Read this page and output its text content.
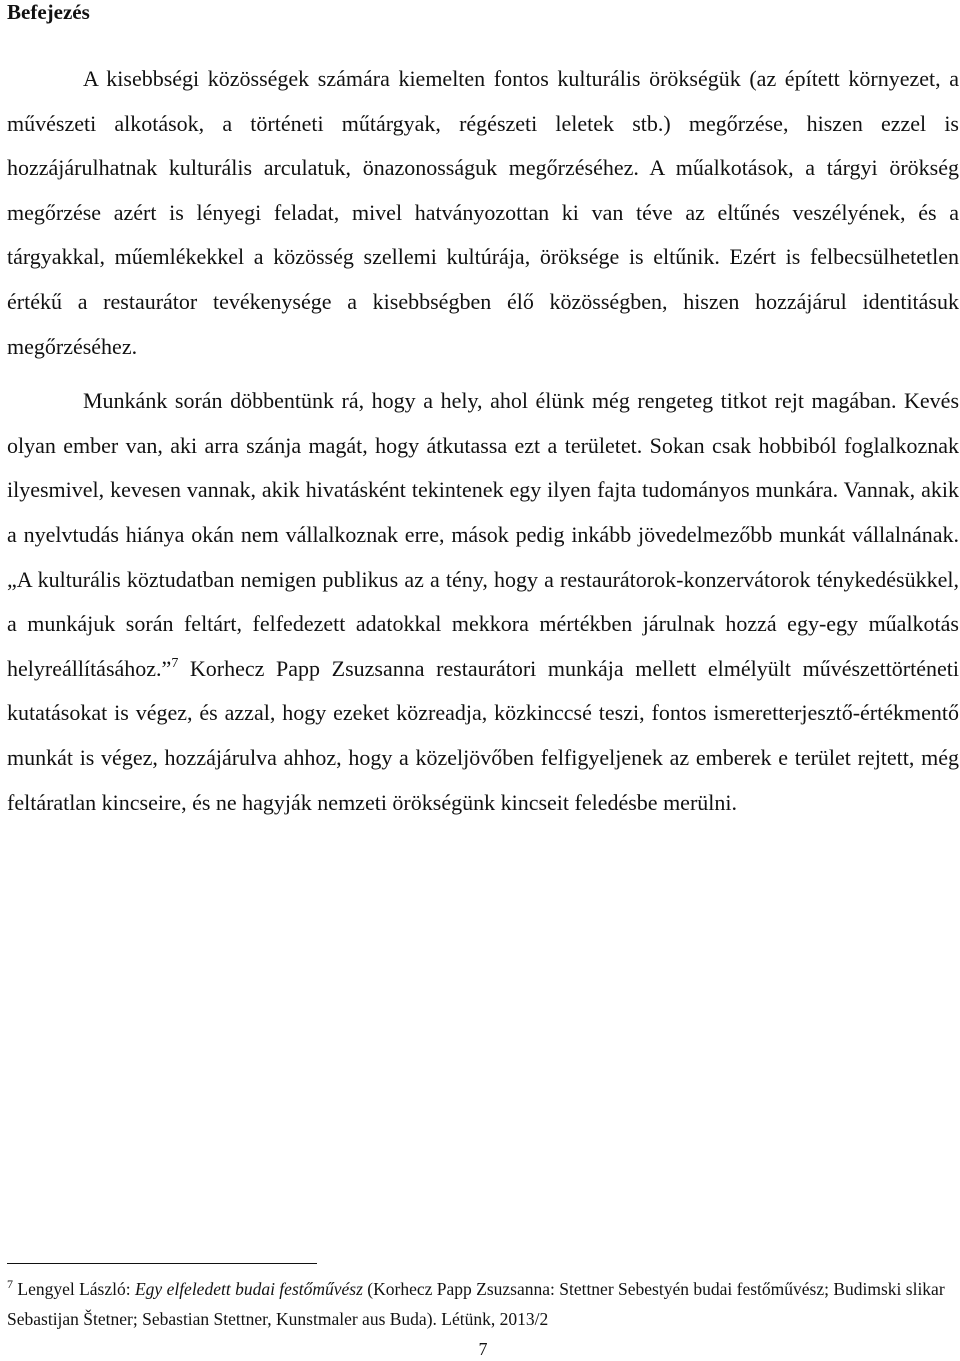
Befejezés

A kisebbségi közösségek számára kiemelten fontos kulturális örökségük (az épített környezet, a művészeti alkotások, a történeti műtárgyak, régészeti leletek stb.) megőrzése, hiszen ezzel is hozzájárulhatnak kulturális arculatuk, önazonosságuk megőrzéséhez. A műalkotások, a tárgyi örökség megőrzése azért is lényegi feladat, mivel hatványozottan ki van téve az eltűnés veszélyének, és a tárgyakkal, műemlékekkel a közösség szellemi kultúrája, öröksége is eltűnik. Ezért is felbecsülhetetlen értékű a restaurátor tevékenysége a kisebbségben élő közösségben, hiszen hozzájárul identitásuk megőrzéséhez.

Munkánk során döbbentünk rá, hogy a hely, ahol élünk még rengeteg titkot rejt magában. Kevés olyan ember van, aki arra szánja magát, hogy átkutassa ezt a területet. Sokan csak hobbiból foglalkoznak ilyesmivel, kevesen vannak, akik hivatásként tekintenek egy ilyen fajta tudományos munkára. Vannak, akik a nyelvtudás hiánya okán nem vállalkoznak erre, mások pedig inkább jövedelmezőbb munkát vállalnának. „A kulturális köztudatban nemigen publikus az a tény, hogy a restaurátorok-konzervátorok ténykedésükkel, a munkájuk során feltárt, felfedezett adatokkal mekkora mértékben járulnak hozzá egy-egy műalkotás helyreállításához.”$^7$ Korhecz Papp Zsuzsanna restaurátori munkája mellett elmélyült művészettörténeti kutatásokat is végez, és azzal, hogy ezeket közreadja, közkinccsé teszi, fontos ismeretterjesztő-értékmentő munkát is végez, hozzájárulva ahhoz, hogy a közeljövőben felfigyeljenek az emberek e terület rejtett, még feltáratlan kincseire, és ne hagyják nemzeti örökségünk kincseit feledésbe merülni.

$^7$ Lengyel László: Egy elfeledett budai festőművész (Korhecz Papp Zsuzsanna: Stettner Sebestyén budai festőművész; Budimski slikar Sebastijan Štetner; Sebastian Stettner, Kunstmaler aus Buda). Létünk, 2013/2

7
